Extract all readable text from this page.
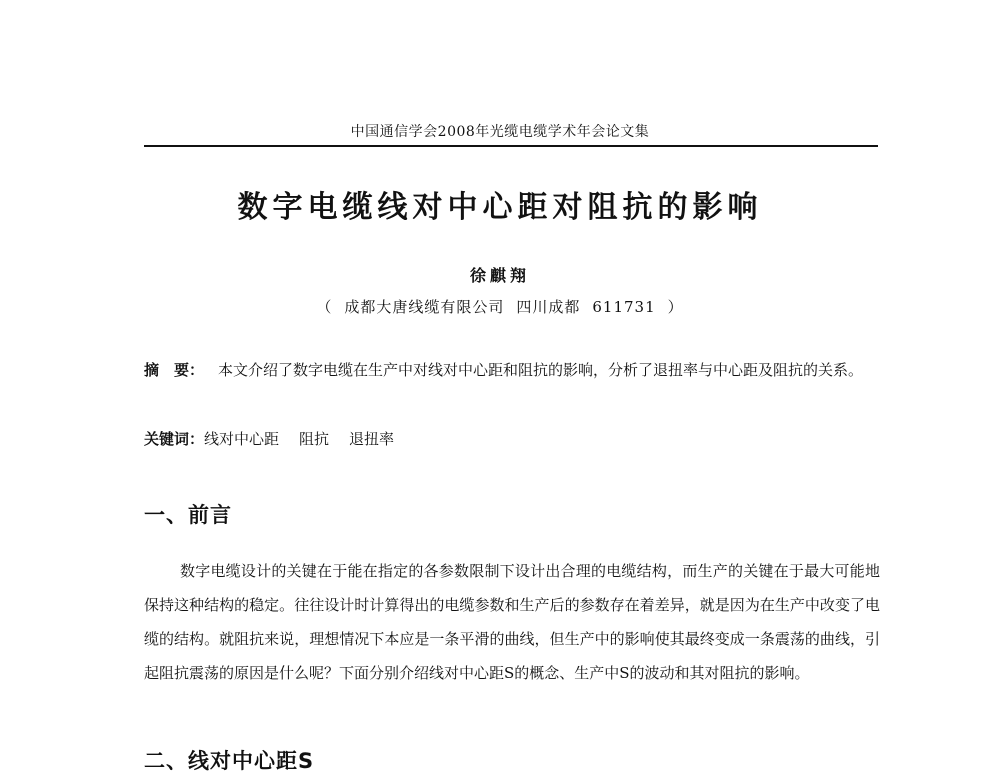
中国通信学会2008年光缆电缆学术年会论文集
数字电缆线对中心距对阻抗的影响
徐麒翔
（ 成都大唐线缆有限公司 四川成都 611731 ）
摘　要： 本文介绍了数字电缆在生产中对线对中心距和阻抗的影响，分析了退扭率与中心距及阻抗的关系。
关键词：线对中心距 阻抗 退扭率
一、前言
数字电缆设计的关键在于能在指定的各参数限制下设计出合理的电缆结构，而生产的关键在于最大可能地保持这种结构的稳定。往往设计时计算得出的电缆参数和生产后的参数存在着差异，就是因为在生产中改变了电缆的结构。就阻抗来说，理想情况下本应是一条平滑的曲线，但生产中的影响使其最终变成一条震荡的曲线，引起阻抗震荡的原因是什么呢？下面分别介绍线对中心距S的概念、生产中S的波动和其对阻抗的影响。
二、线对中心距S
